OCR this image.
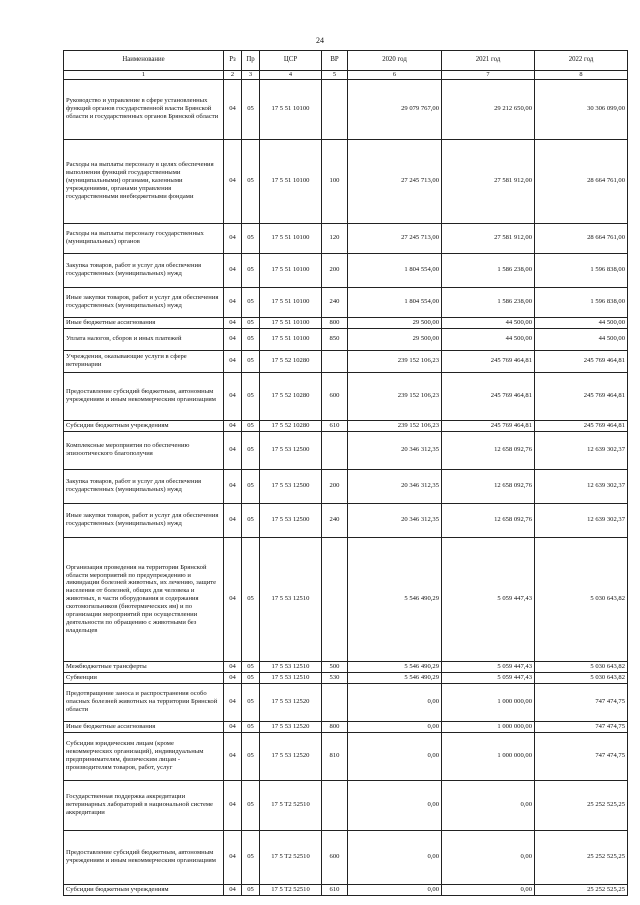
24
Наименование	Рз	Пр	ЦСР	ВР	2020 год	2021 год	2022 год
1	2	3	4	5	6	7	8
Руководство и управление в сфере установленных функций органов государственной власти Брянской области и государственных органов Брянской области	04	05	17 5 51 10100		29 079 767,00	29 212 650,00	30 306 099,00
Расходы на выплаты персоналу в целях обеспечения выполнения функций государственными (муниципальными) органами, казенными учреждениями, органами управления государственными внебюджетными фондами	04	05	17 5 51 10100	100	27 245 713,00	27 581 912,00	28 664 761,00
Расходы на выплаты персоналу государственных (муниципальных) органов	04	05	17 5 51 10100	120	27 245 713,00	27 581 912,00	28 664 761,00
Закупка товаров, работ и услуг для обеспечения государственных (муниципальных) нужд	04	05	17 5 51 10100	200	1 804 554,00	1 586 238,00	1 596 838,00
Иные закупки товаров, работ и услуг для обеспечения государственных (муниципальных) нужд	04	05	17 5 51 10100	240	1 804 554,00	1 586 238,00	1 596 838,00
Иные бюджетные ассигнования	04	05	17 5 51 10100	800	29 500,00	44 500,00	44 500,00
Уплата налогов, сборов и иных платежей	04	05	17 5 51 10100	850	29 500,00	44 500,00	44 500,00
Учреждения, оказывающие услуги в сфере ветеринарии	04	05	17 5 52 10280		239 152 106,23	245 769 464,81	245 769 464,81
Предоставление субсидий бюджетным, автономным учреждениям и иным некоммерческим организациям	04	05	17 5 52 10280	600	239 152 106,23	245 769 464,81	245 769 464,81
Субсидии бюджетным учреждениям	04	05	17 5 52 10280	610	239 152 106,23	245 769 464,81	245 769 464,81
Комплексные мероприятия по обеспечению эпизоотического благополучия	04	05	17 5 53 12500		20 346 312,35	12 658 092,76	12 639 302,37
Закупка товаров, работ и услуг для обеспечения государственных (муниципальных) нужд	04	05	17 5 53 12500	200	20 346 312,35	12 658 092,76	12 639 302,37
Иные закупки товаров, работ и услуг для обеспечения государственных (муниципальных) нужд	04	05	17 5 53 12500	240	20 346 312,35	12 658 092,76	12 639 302,37
Организация проведения на территории Брянской области мероприятий по предупреждению и ликвидации болезней животных, их лечению, защите населения от болезней, общих для человека и животных, в части оборудования и содержания скотомогильников (биотермических ям) и по организации мероприятий при осуществлении деятельности по обращению с животными без владельцев	04	05	17 5 53 12510		5 546 490,29	5 059 447,43	5 030 643,82
Межбюджетные трансферты	04	05	17 5 53 12510	500	5 546 490,29	5 059 447,43	5 030 643,82
Субвенции	04	05	17 5 53 12510	530	5 546 490,29	5 059 447,43	5 030 643,82
Предотвращение заноса и распространения особо опасных болезней животных на территории Брянской области	04	05	17 5 53 12520		0,00	1 000 000,00	747 474,75
Иные бюджетные ассигнования	04	05	17 5 53 12520	800	0,00	1 000 000,00	747 474,75
Субсидии юридическим лицам (кроме некоммерческих организаций), индивидуальным предпринимателям, физическим лицам - производителям товаров, работ, услуг	04	05	17 5 53 12520	810	0,00	1 000 000,00	747 474,75
Государственная поддержка аккредитации ветеринарных лабораторий в национальной системе аккредитации	04	05	17 5 T2 52510		0,00	0,00	25 252 525,25
Предоставление субсидий бюджетным, автономным учреждениям и иным некоммерческим организациям	04	05	17 5 T2 52510	600	0,00	0,00	25 252 525,25
Субсидии бюджетным учреждениям	04	05	17 5 T2 52510	610	0,00	0,00	25 252 525,25
